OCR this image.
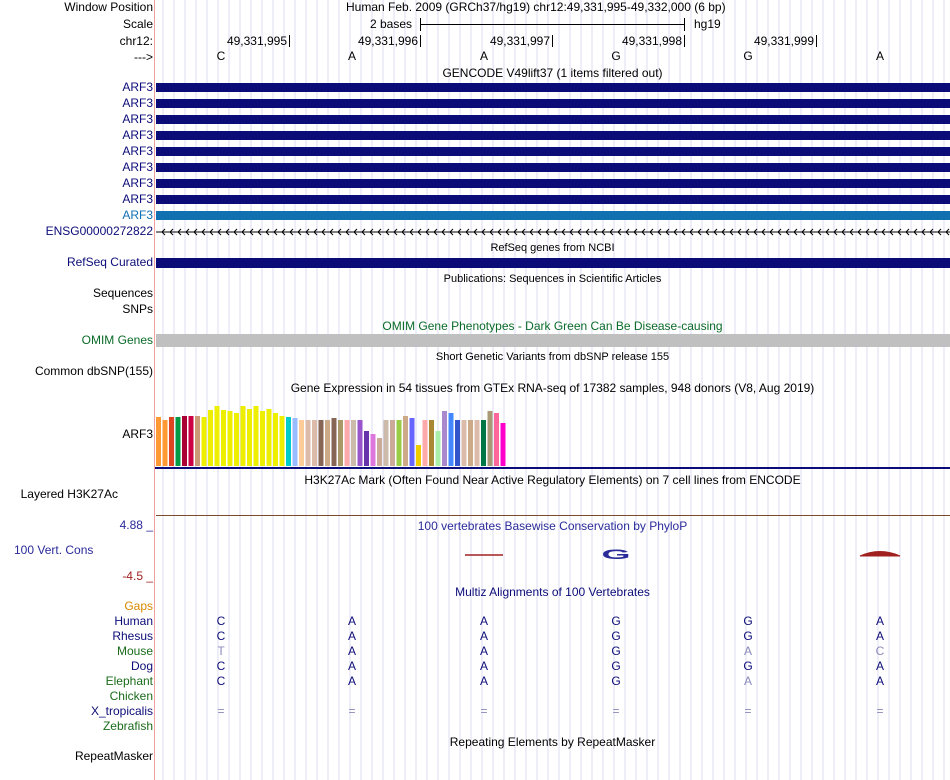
Window Position
Scale
chr12:
--->
Human Feb. 2009 (GRCh37/hg19) chr12:49,331,995-49,332,000 (6 bp)
2 bases	hg19
49,331,995	49,331,996	49,331,997	49,331,998	49,331,999
C	A	A	G	G	A
GENCODE V49lift37 (1 items filtered out)
ARF3
ARF3
ARF3
ARF3
ARF3
ARF3
ARF3
ARF3
ARF3
ENSG00000272822
RefSeq genes from NCBI
RefSeq Curated
Publications: Sequences in Scientific Articles
Sequences
SNPs
OMIM Gene Phenotypes - Dark Green Can Be Disease-causing
OMIM Genes
Short Genetic Variants from dbSNP release 155
Common dbSNP(155)
Gene Expression in 54 tissues from GTEx RNA-seq of 17382 samples, 948 donors (V8, Aug 2019)
ARF3
H3K27Ac Mark (Often Found Near Active Regulatory Elements) on 7 cell lines from ENCODE
Layered H3K27Ac
4.88 _	100 vertebrates Basewise Conservation by PhyloP
100 Vert. Cons	G
-4.5 _
Multiz Alignments of 100 Vertebrates
Gaps
Human	C	A	A	G	G	A
Rhesus	C	A	A	G	G	A
Mouse	T	A	A	G	A	C
Dog	C	A	A	G	G	A
Elephant	C	A	A	G	A	A
Chicken
X_tropicalis	=	=	=	=	=	=
Zebrafish
Repeating Elements by RepeatMasker
RepeatMasker
